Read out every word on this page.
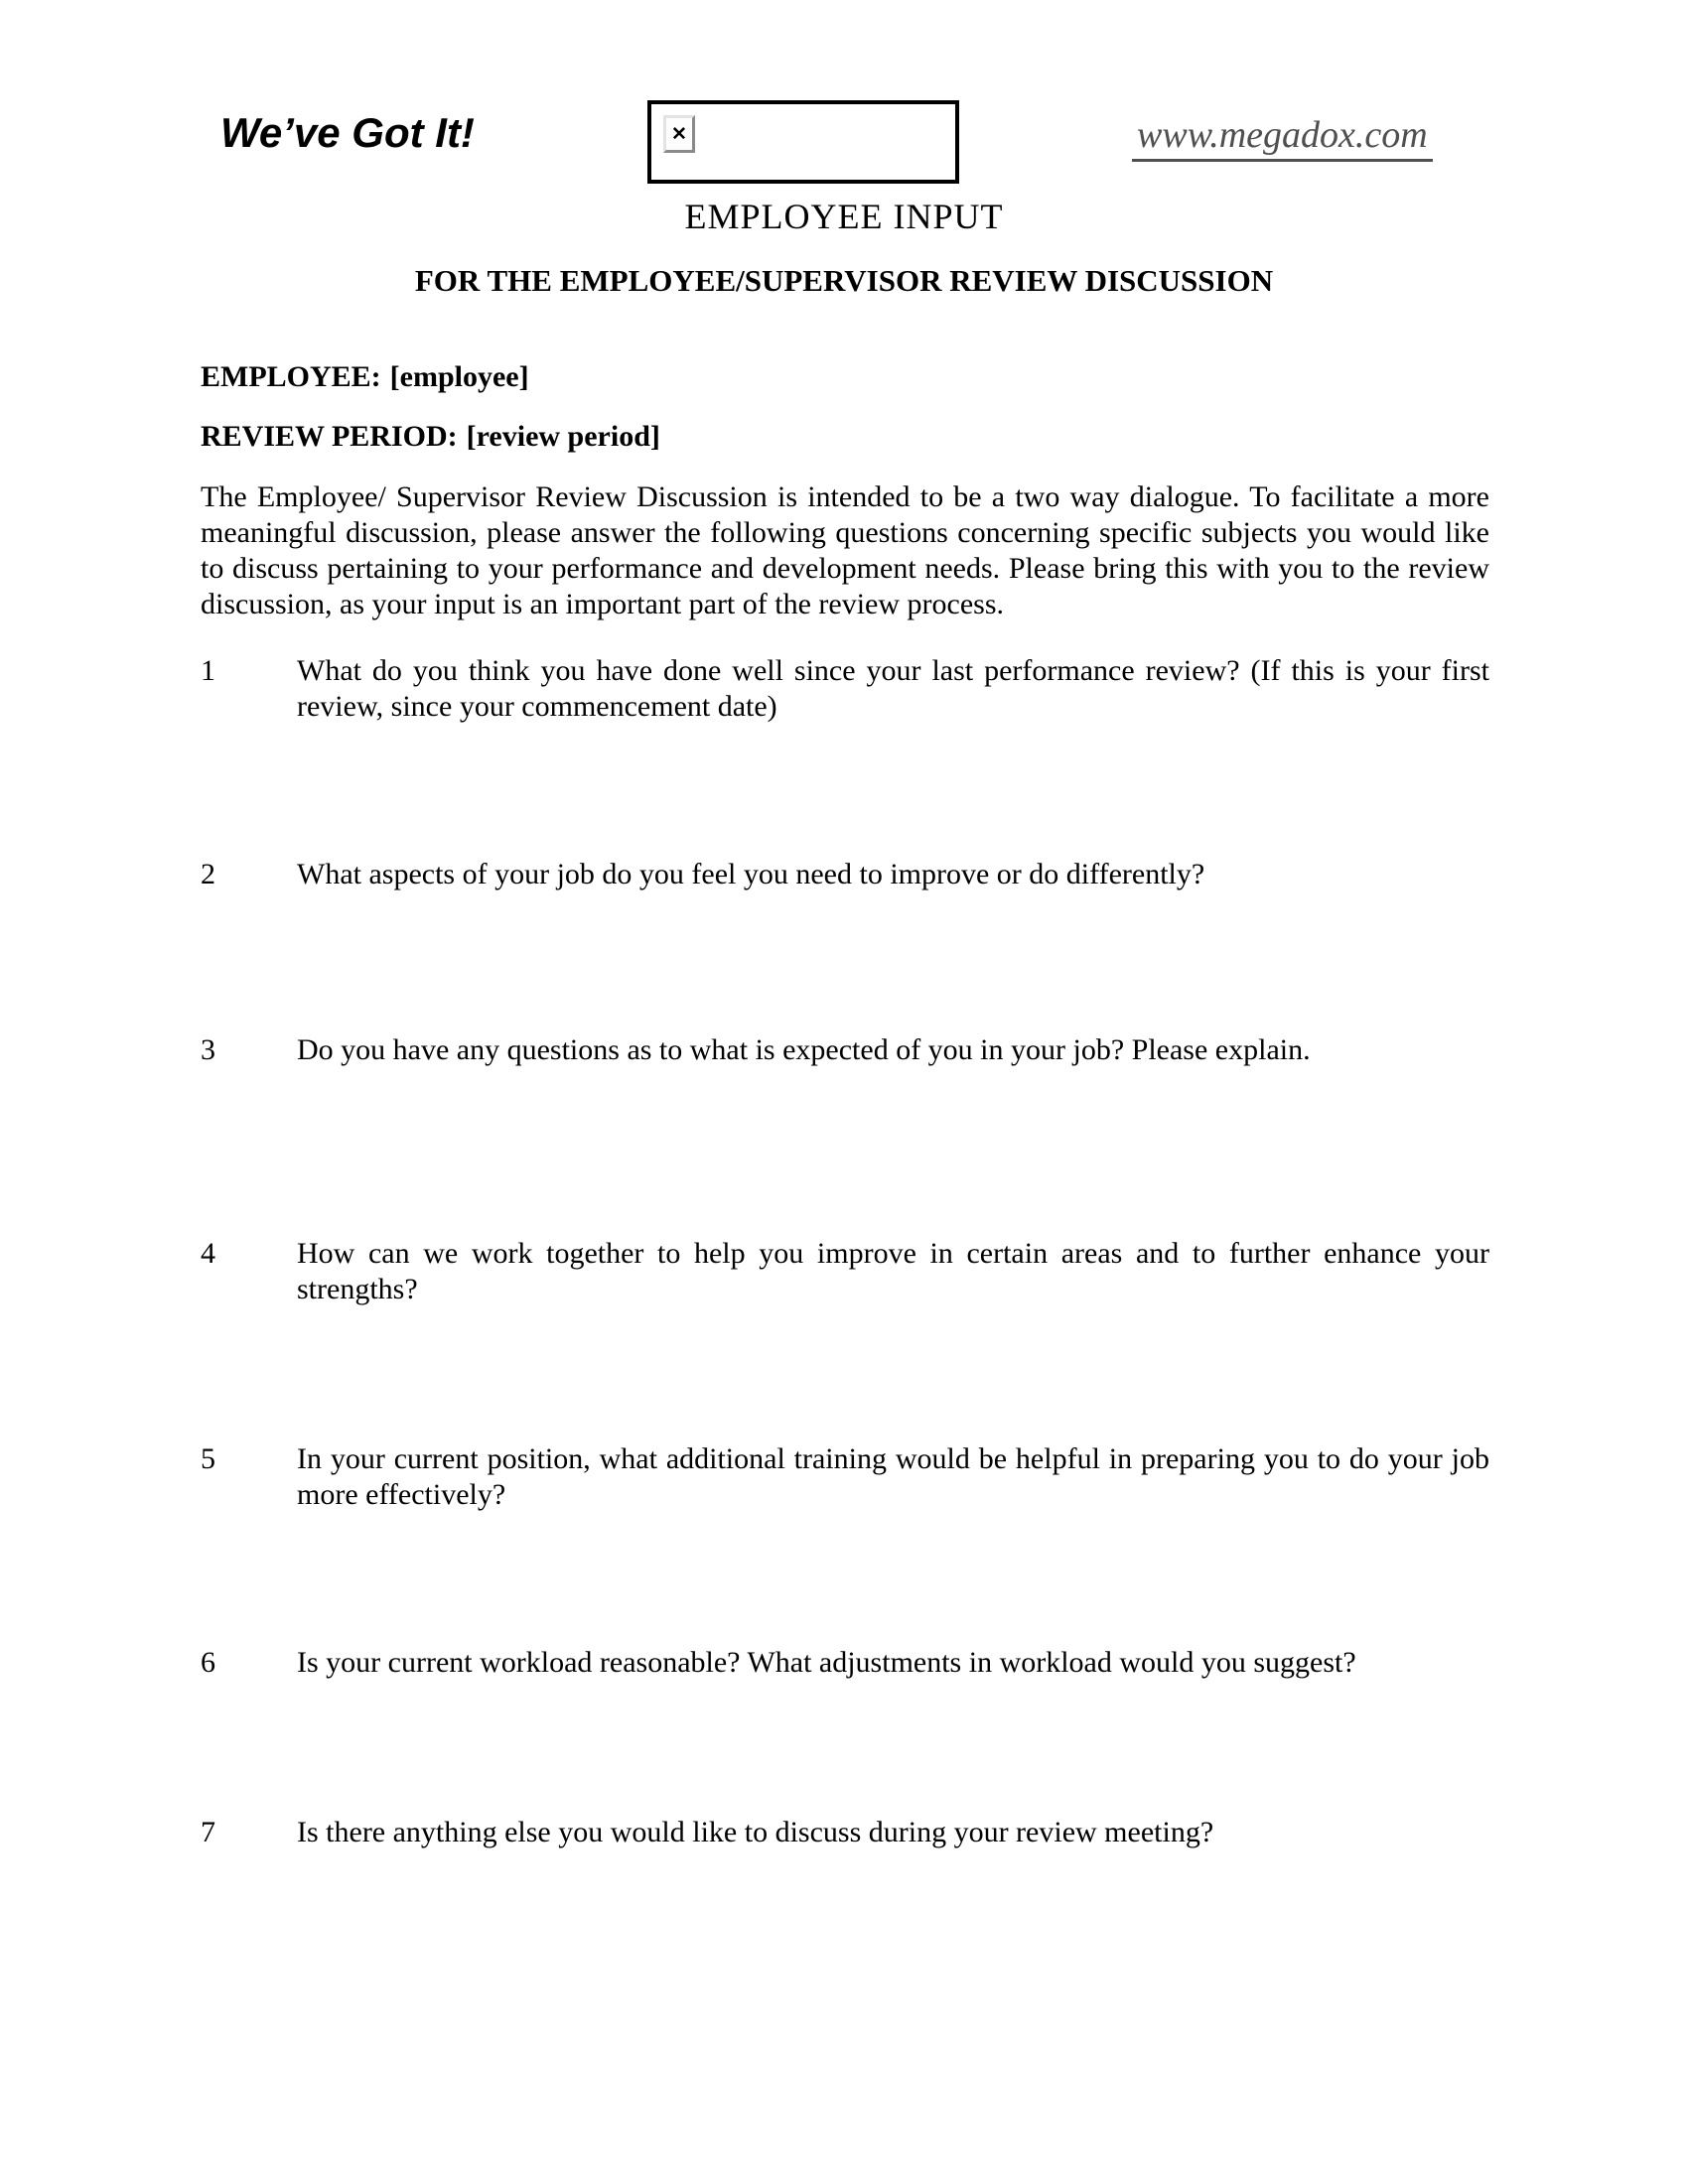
We’ve Got It!	✕	www.megadox.com
EMPLOYEE INPUT
FOR THE EMPLOYEE/SUPERVISOR REVIEW DISCUSSION
EMPLOYEE: [employee]
REVIEW PERIOD: [review period]

The Employee/ Supervisor Review Discussion is intended to be a two way dialogue. To facilitate a more meaningful discussion, please answer the following questions concerning specific subjects you would like to discuss pertaining to your performance and development needs. Please bring this with you to the review discussion, as your input is an important part of the review process.

1	What do you think you have done well since your last performance review? (If this is your first review, since your commencement date)
2	What aspects of your job do you feel you need to improve or do differently?
3	Do you have any questions as to what is expected of you in your job? Please explain.
4	How can we work together to help you improve in certain areas and to further enhance your strengths?
5	In your current position, what additional training would be helpful in preparing you to do your job more effectively?
6	Is your current workload reasonable? What adjustments in workload would you suggest?
7	Is there anything else you would like to discuss during your review meeting?
